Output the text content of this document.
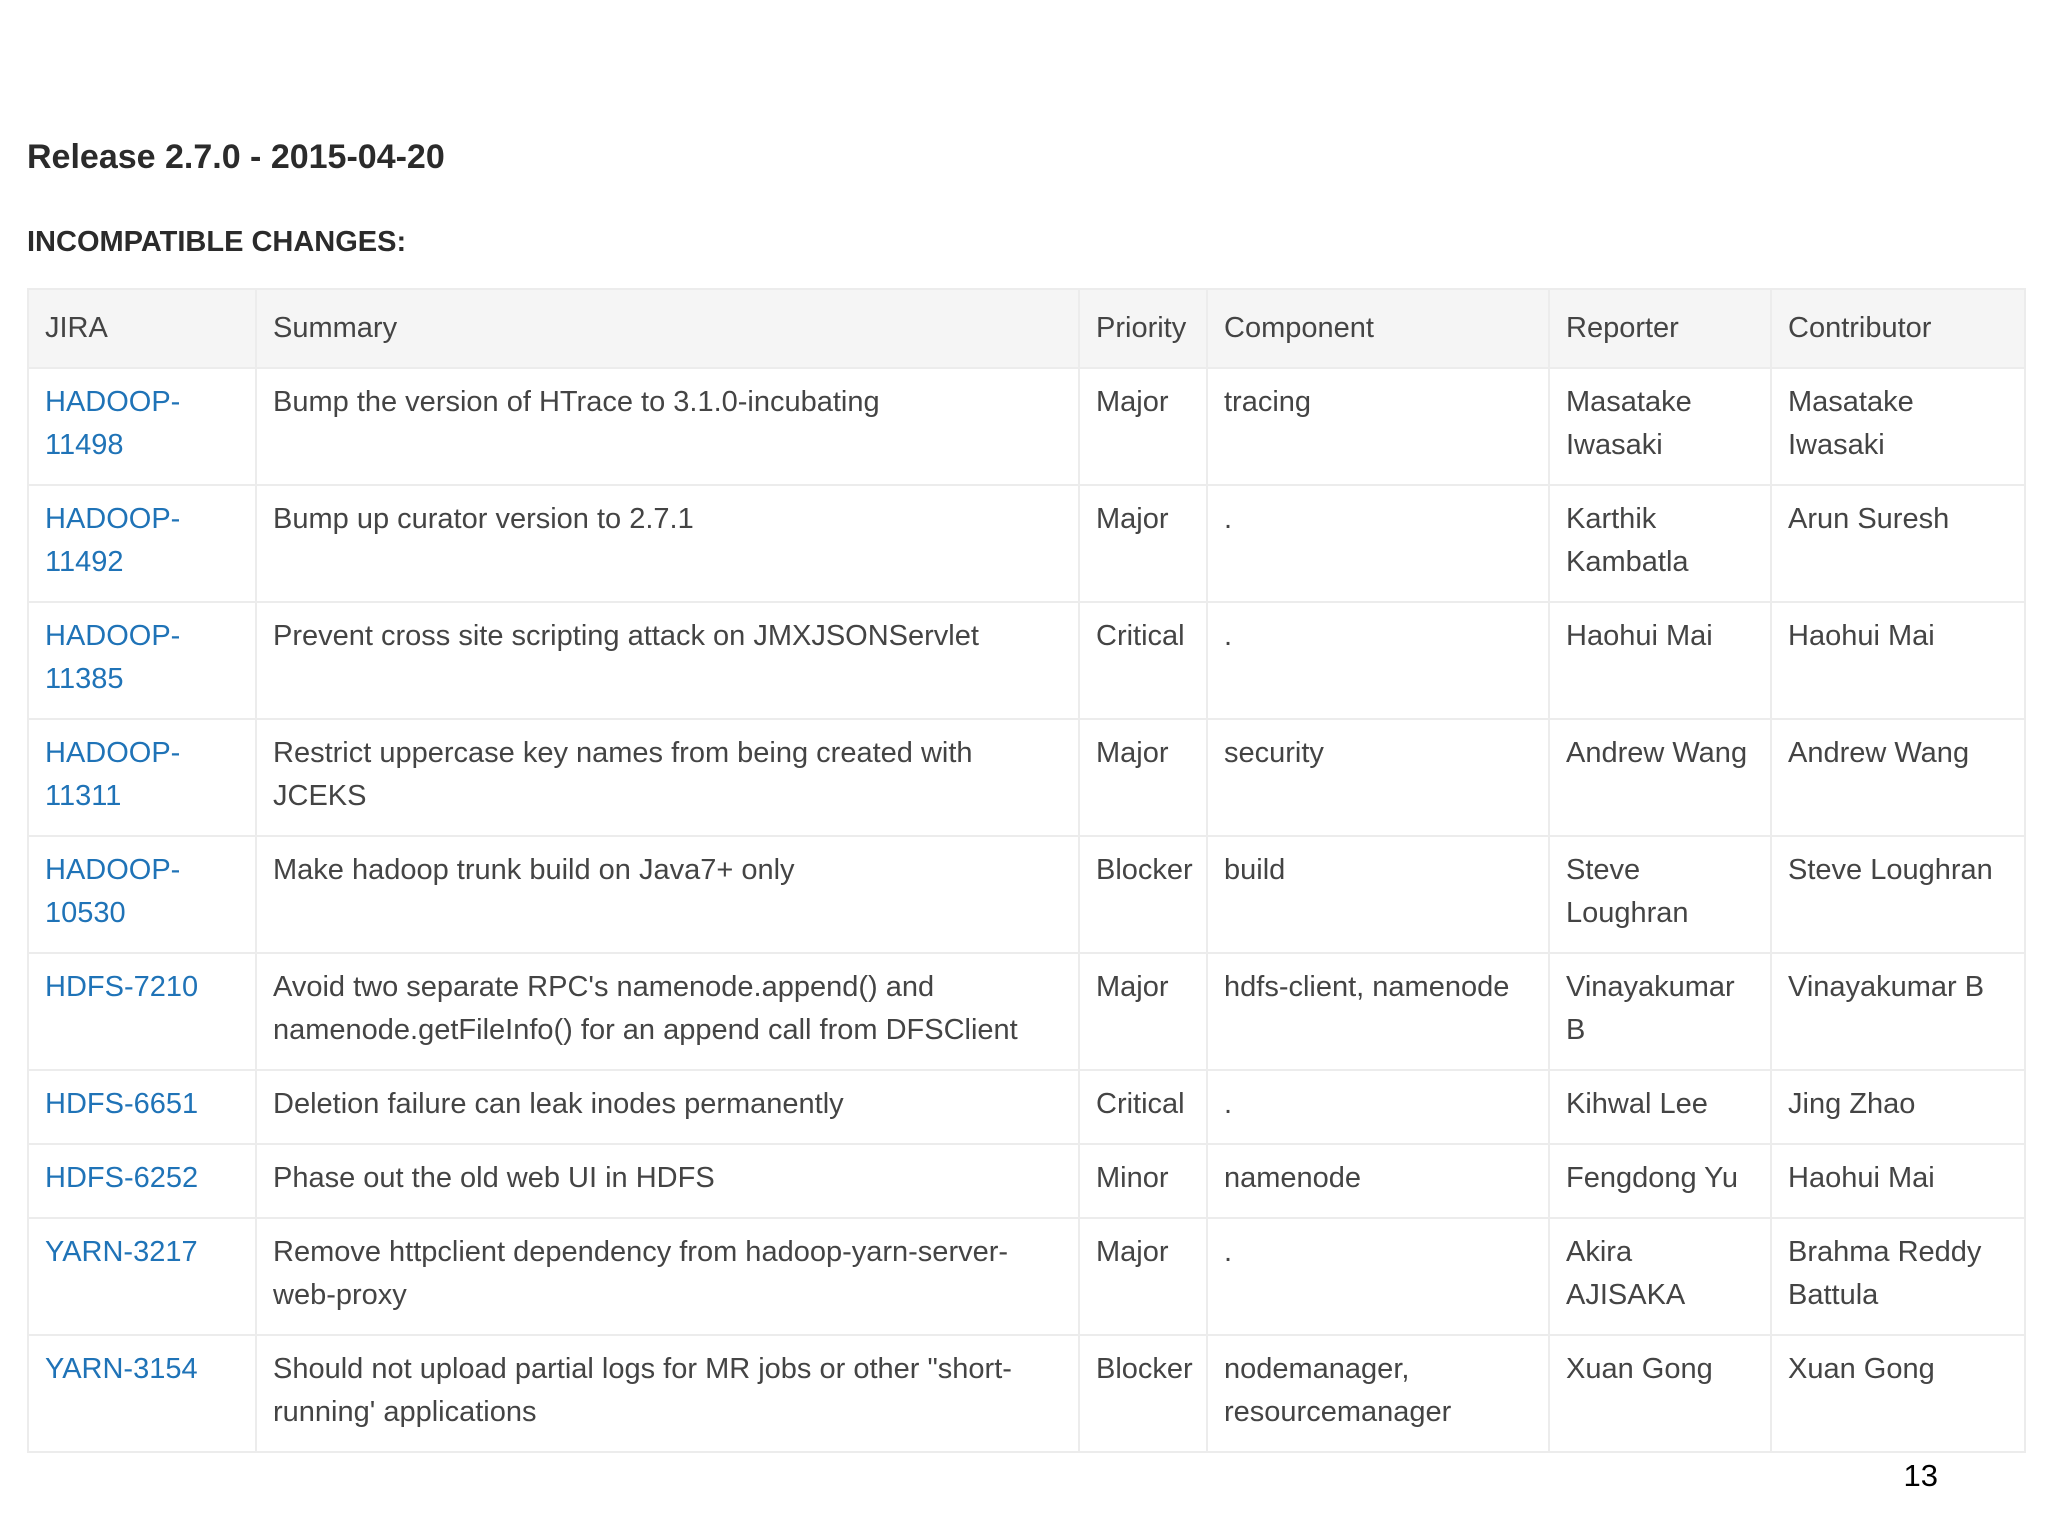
Release 2.7.0 - 2015-04-20
INCOMPATIBLE CHANGES:
JIRA	Summary	Priority	Component	Reporter	Contributor
HADOOP-11498	Bump the version of HTrace to 3.1.0-incubating	Major	tracing	Masatake Iwasaki	Masatake Iwasaki
HADOOP-11492	Bump up curator version to 2.7.1	Major	.	Karthik Kambatla	Arun Suresh
HADOOP-11385	Prevent cross site scripting attack on JMXJSONServlet	Critical	.	Haohui Mai	Haohui Mai
HADOOP-11311	Restrict uppercase key names from being created with JCEKS	Major	security	Andrew Wang	Andrew Wang
HADOOP-10530	Make hadoop trunk build on Java7+ only	Blocker	build	Steve Loughran	Steve Loughran
HDFS-7210	Avoid two separate RPC's namenode.append() and namenode.getFileInfo() for an append call from DFSClient	Major	hdfs-client, namenode	Vinayakumar B	Vinayakumar B
HDFS-6651	Deletion failure can leak inodes permanently	Critical	.	Kihwal Lee	Jing Zhao
HDFS-6252	Phase out the old web UI in HDFS	Minor	namenode	Fengdong Yu	Haohui Mai
YARN-3217	Remove httpclient dependency from hadoop-yarn-server-web-proxy	Major	.	Akira AJISAKA	Brahma Reddy Battula
YARN-3154	Should not upload partial logs for MR jobs or other "short-running' applications	Blocker	nodemanager, resourcemanager	Xuan Gong	Xuan Gong
13
